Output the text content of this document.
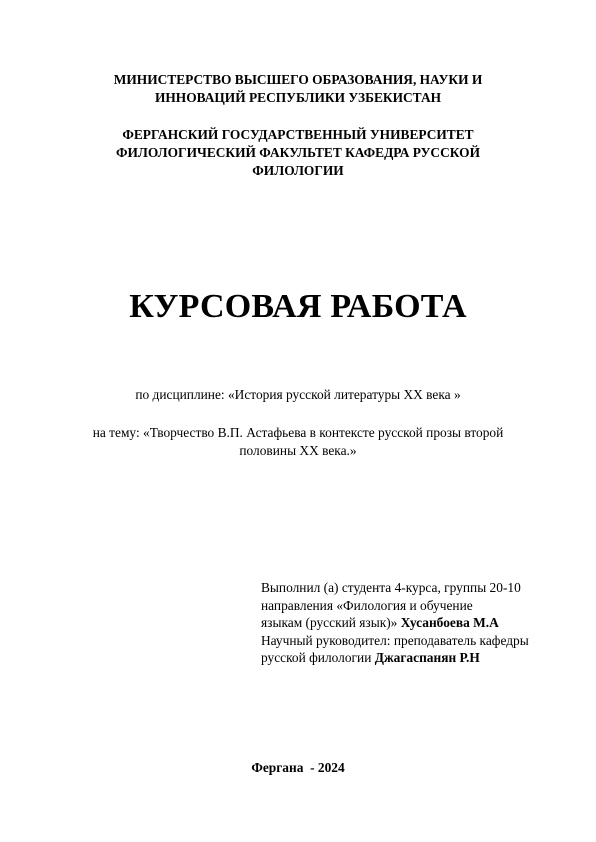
МИНИСТЕРСТВО ВЫСШЕГО ОБРАЗОВАНИЯ, НАУКИ И
ИННОВАЦИЙ РЕСПУБЛИКИ УЗБЕКИСТАН
ФЕРГАНСКИЙ ГОСУДАРСТВЕННЫЙ УНИВЕРСИТЕТ
ФИЛОЛОГИЧЕСКИЙ ФАКУЛЬТЕТ КАФЕДРА РУССКОЙ
ФИЛОЛОГИИ
КУРСОВАЯ РАБОТА
по дисциплине: «История русской литературы ХХ века »
на тему: «Творчество В.П. Астафьева в контексте русской прозы второй
половины ХХ века.»
Выполнил (а) студента 4-курса, группы 20-10
направления «Филология и обучение
языкам (русский язык)» Хусанбоева М.А
Научный руководител: преподаватель кафедры
русской филологии Джагаспанян Р.Н
Фергана  - 2024
